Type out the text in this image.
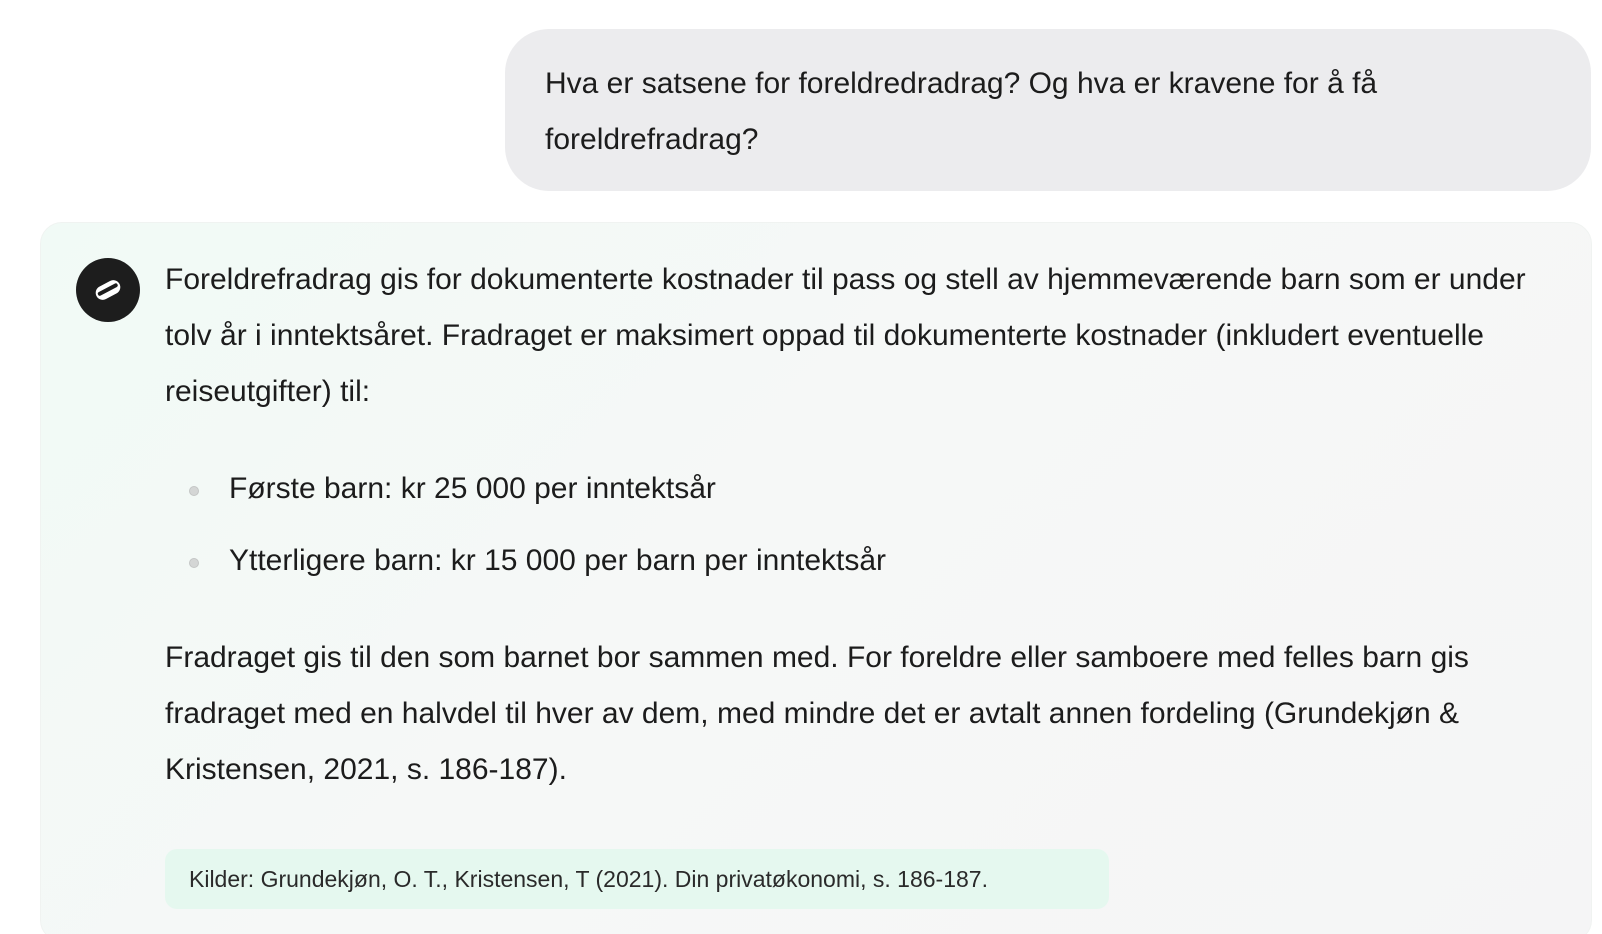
Hva er satsene for foreldredradrag? Og hva er kravene for å få foreldrefradrag?

Foreldrefradrag gis for dokumenterte kostnader til pass og stell av hjemmeværende barn som er under tolv år i inntektsåret. Fradraget er maksimert oppad til dokumenterte kostnader (inkludert eventuelle reiseutgifter) til:

Første barn: kr 25 000 per inntektsår
Ytterligere barn: kr 15 000 per barn per inntektsår

Fradraget gis til den som barnet bor sammen med. For foreldre eller samboere med felles barn gis fradraget med en halvdel til hver av dem, med mindre det er avtalt annen fordeling (Grundekjøn & Kristensen, 2021, s. 186-187).

Kilder: Grundekjøn, O. T., Kristensen, T (2021). Din privatøkonomi, s. 186-187.
